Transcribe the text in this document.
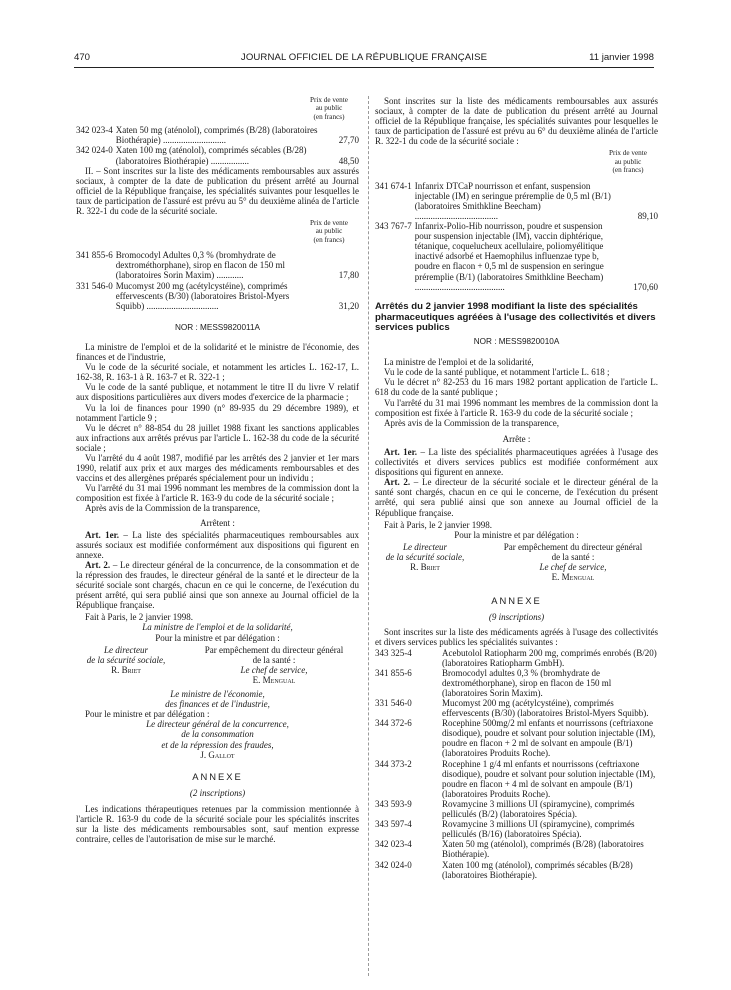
470	JOURNAL OFFICIEL DE LA RÉPUBLIQUE FRANÇAISE	11 janvier 1998
Prix de vente
au public
(en francs)
342 023-4 Xaten 50 mg (aténolol), comprimés (B/28) (laboratoires Biothérapie) ............................	27,70
342 024-0 Xaten 100 mg (aténolol), comprimés sécables (B/28) (laboratoires Biothérapie) .................	48,50

II. – Sont inscrites sur la liste des médicaments remboursables aux assurés sociaux, à compter de la date de publication du présent arrêté au Journal officiel de la République française, les spécialités suivantes pour lesquelles le taux de participation de l'assuré est prévu au 5° du deuxième alinéa de l'article R. 322-1 du code de la sécurité sociale.

Prix de vente
au public
(en francs)
341 855-6 Bromocodyl Adultes 0,3 % (bromhydrate de dextrométhorphane), sirop en flacon de 150 ml (laboratoires Sorin Maxim) ............	17,80
331 546-0 Mucomyst 200 mg (acétylcystéine), comprimés effervescents (B/30) (laboratoires Bristol-Myers Squibb) ................................	31,20

NOR : MESS9820011A

La ministre de l'emploi et de la solidarité et le ministre de l'économie, des finances et de l'industrie,

Vu le code de la sécurité sociale, et notamment les articles L. 162-17, L. 162-38, R. 163-1 à R. 163-7 et R. 322-1 ;

Vu le code de la santé publique, et notamment le titre II du livre V relatif aux dispositions particulières aux divers modes d'exercice de la pharmacie ;

Vu la loi de finances pour 1990 (n° 89-935 du 29 décembre 1989), et notamment l'article 9 ;

Vu le décret n° 88-854 du 28 juillet 1988 fixant les sanctions applicables aux infractions aux arrêtés prévus par l'article L. 162-38 du code de la sécurité sociale ;

Vu l'arrêté du 4 août 1987, modifié par les arrêtés des 2 janvier et 1er mars 1990, relatif aux prix et aux marges des médicaments remboursables et des vaccins et des allergènes préparés spécialement pour un individu ;

Vu l'arrêté du 31 mai 1996 nommant les membres de la commission dont la composition est fixée à l'article R. 163-9 du code de la sécurité sociale ;

Après avis de la Commission de la transparence,

Arrêtent :

Art. 1er. – La liste des spécialités pharmaceutiques remboursables aux assurés sociaux est modifiée conformément aux dispositions qui figurent en annexe.

Art. 2. – Le directeur général de la concurrence, de la consommation et de la répression des fraudes, le directeur général de la santé et le directeur de la sécurité sociale sont chargés, chacun en ce qui le concerne, de l'exécution du présent arrêté, qui sera publié ainsi que son annexe au Journal officiel de la République française.

Fait à Paris, le 2 janvier 1998.

La ministre de l'emploi et de la solidarité,

Pour la ministre et par délégation :

Le directeur
de la sécurité sociale,
R. Briet
Par empêchement du directeur général
de la santé :
Le chef de service,
E. Mengual
Le ministre de l'économie,
des finances et de l'industrie,

Pour le ministre et par délégation :

Le directeur général de la concurrence,
de la consommation
et de la répression des fraudes,
J. Gallot

ANNEXE

(2 inscriptions)

Les indications thérapeutiques retenues par la commission mentionnée à l'article R. 163-9 du code de la sécurité sociale pour les spécialités inscrites sur la liste des médicaments remboursables sont, sauf mention expresse contraire, celles de l'autorisation de mise sur le marché.

Sont inscrites sur la liste des médicaments remboursables aux assurés sociaux, à compter de la date de publication du présent arrêté au Journal officiel de la République française, les spécialités suivantes pour lesquelles le taux de participation de l'assuré est prévu au 6° du deuxième alinéa de l'article R. 322-1 du code de la sécurité sociale :

Prix de vente
au public
(en francs)
341 674-1 Infanrix DTCaP nourrisson et enfant, suspension injectable (IM) en seringue préremplie de 0,5 ml (B/1) (laboratoires Smithkline Beecham) .....................................	89,10
343 767-7 Infanrix-Polio-Hib nourrisson, poudre et suspension pour suspension injectable (IM), vaccin diphtérique, tétanique, coquelucheux acellulaire, poliomyélitique inactivé adsorbé et Haemophilus influenzae type b, poudre en flacon + 0,5 ml de suspension en seringue préremplie (B/1) (laboratoires Smithkline Beecham) ........................................	170,60

Arrêtés du 2 janvier 1998 modifiant la liste des spécialités pharmaceutiques agréées à l'usage des collectivités et divers services publics

NOR : MESS9820010A

La ministre de l'emploi et de la solidarité,

Vu le code de la santé publique, et notamment l'article L. 618 ;

Vu le décret n° 82-253 du 16 mars 1982 portant application de l'article L. 618 du code de la santé publique ;

Vu l'arrêté du 31 mai 1996 nommant les membres de la commission dont la composition est fixée à l'article R. 163-9 du code de la sécurité sociale ;

Après avis de la Commission de la transparence,

Arrête :

Art. 1er. – La liste des spécialités pharmaceutiques agréées à l'usage des collectivités et divers services publics est modifiée conformément aux dispositions qui figurent en annexe.

Art. 2. – Le directeur de la sécurité sociale et le directeur général de la santé sont chargés, chacun en ce qui le concerne, de l'exécution du présent arrêté, qui sera publié ainsi que son annexe au Journal officiel de la République française.

Fait à Paris, le 2 janvier 1998.

Pour la ministre et par délégation :

Le directeur
de la sécurité sociale,
R. Briet
Par empêchement du directeur général
de la santé :
Le chef de service,
E. Mengual

ANNEXE

(9 inscriptions)

Sont inscrites sur la liste des médicaments agréés à l'usage des collectivités et divers services publics les spécialités suivantes :

343 325-4	Acebutolol Ratiopharm 200 mg, comprimés enrobés (B/20) (laboratoires Ratiopharm GmbH).
341 855-6	Bromocodyl adultes 0,3 % (bromhydrate de dextrométhorphane), sirop en flacon de 150 ml (laboratoires Sorin Maxim).
331 546-0	Mucomyst 200 mg (acétylcystéine), comprimés effervescents (B/30) (laboratoires Bristol-Myers Squibb).
344 372-6	Rocephine 500mg/2 ml enfants et nourrissons (ceftriaxone disodique), poudre et solvant pour solution injectable (IM), poudre en flacon + 2 ml de solvant en ampoule (B/1) (laboratoires Produits Roche).
344 373-2	Rocephine 1 g/4 ml enfants et nourrissons (ceftriaxone disodique), poudre et solvant pour solution injectable (IM), poudre en flacon + 4 ml de solvant en ampoule (B/1) (laboratoires Produits Roche).
343 593-9	Rovamycine 3 millions UI (spiramycine), comprimés pelliculés (B/2) (laboratoires Spécia).
343 597-4	Rovamycine 3 millions UI (spiramycine), comprimés pelliculés (B/16) (laboratoires Spécia).
342 023-4	Xaten 50 mg (aténolol), comprimés (B/28) (laboratoires Biothérapie).
342 024-0	Xaten 100 mg (aténolol), comprimés sécables (B/28) (laboratoires Biothérapie).
